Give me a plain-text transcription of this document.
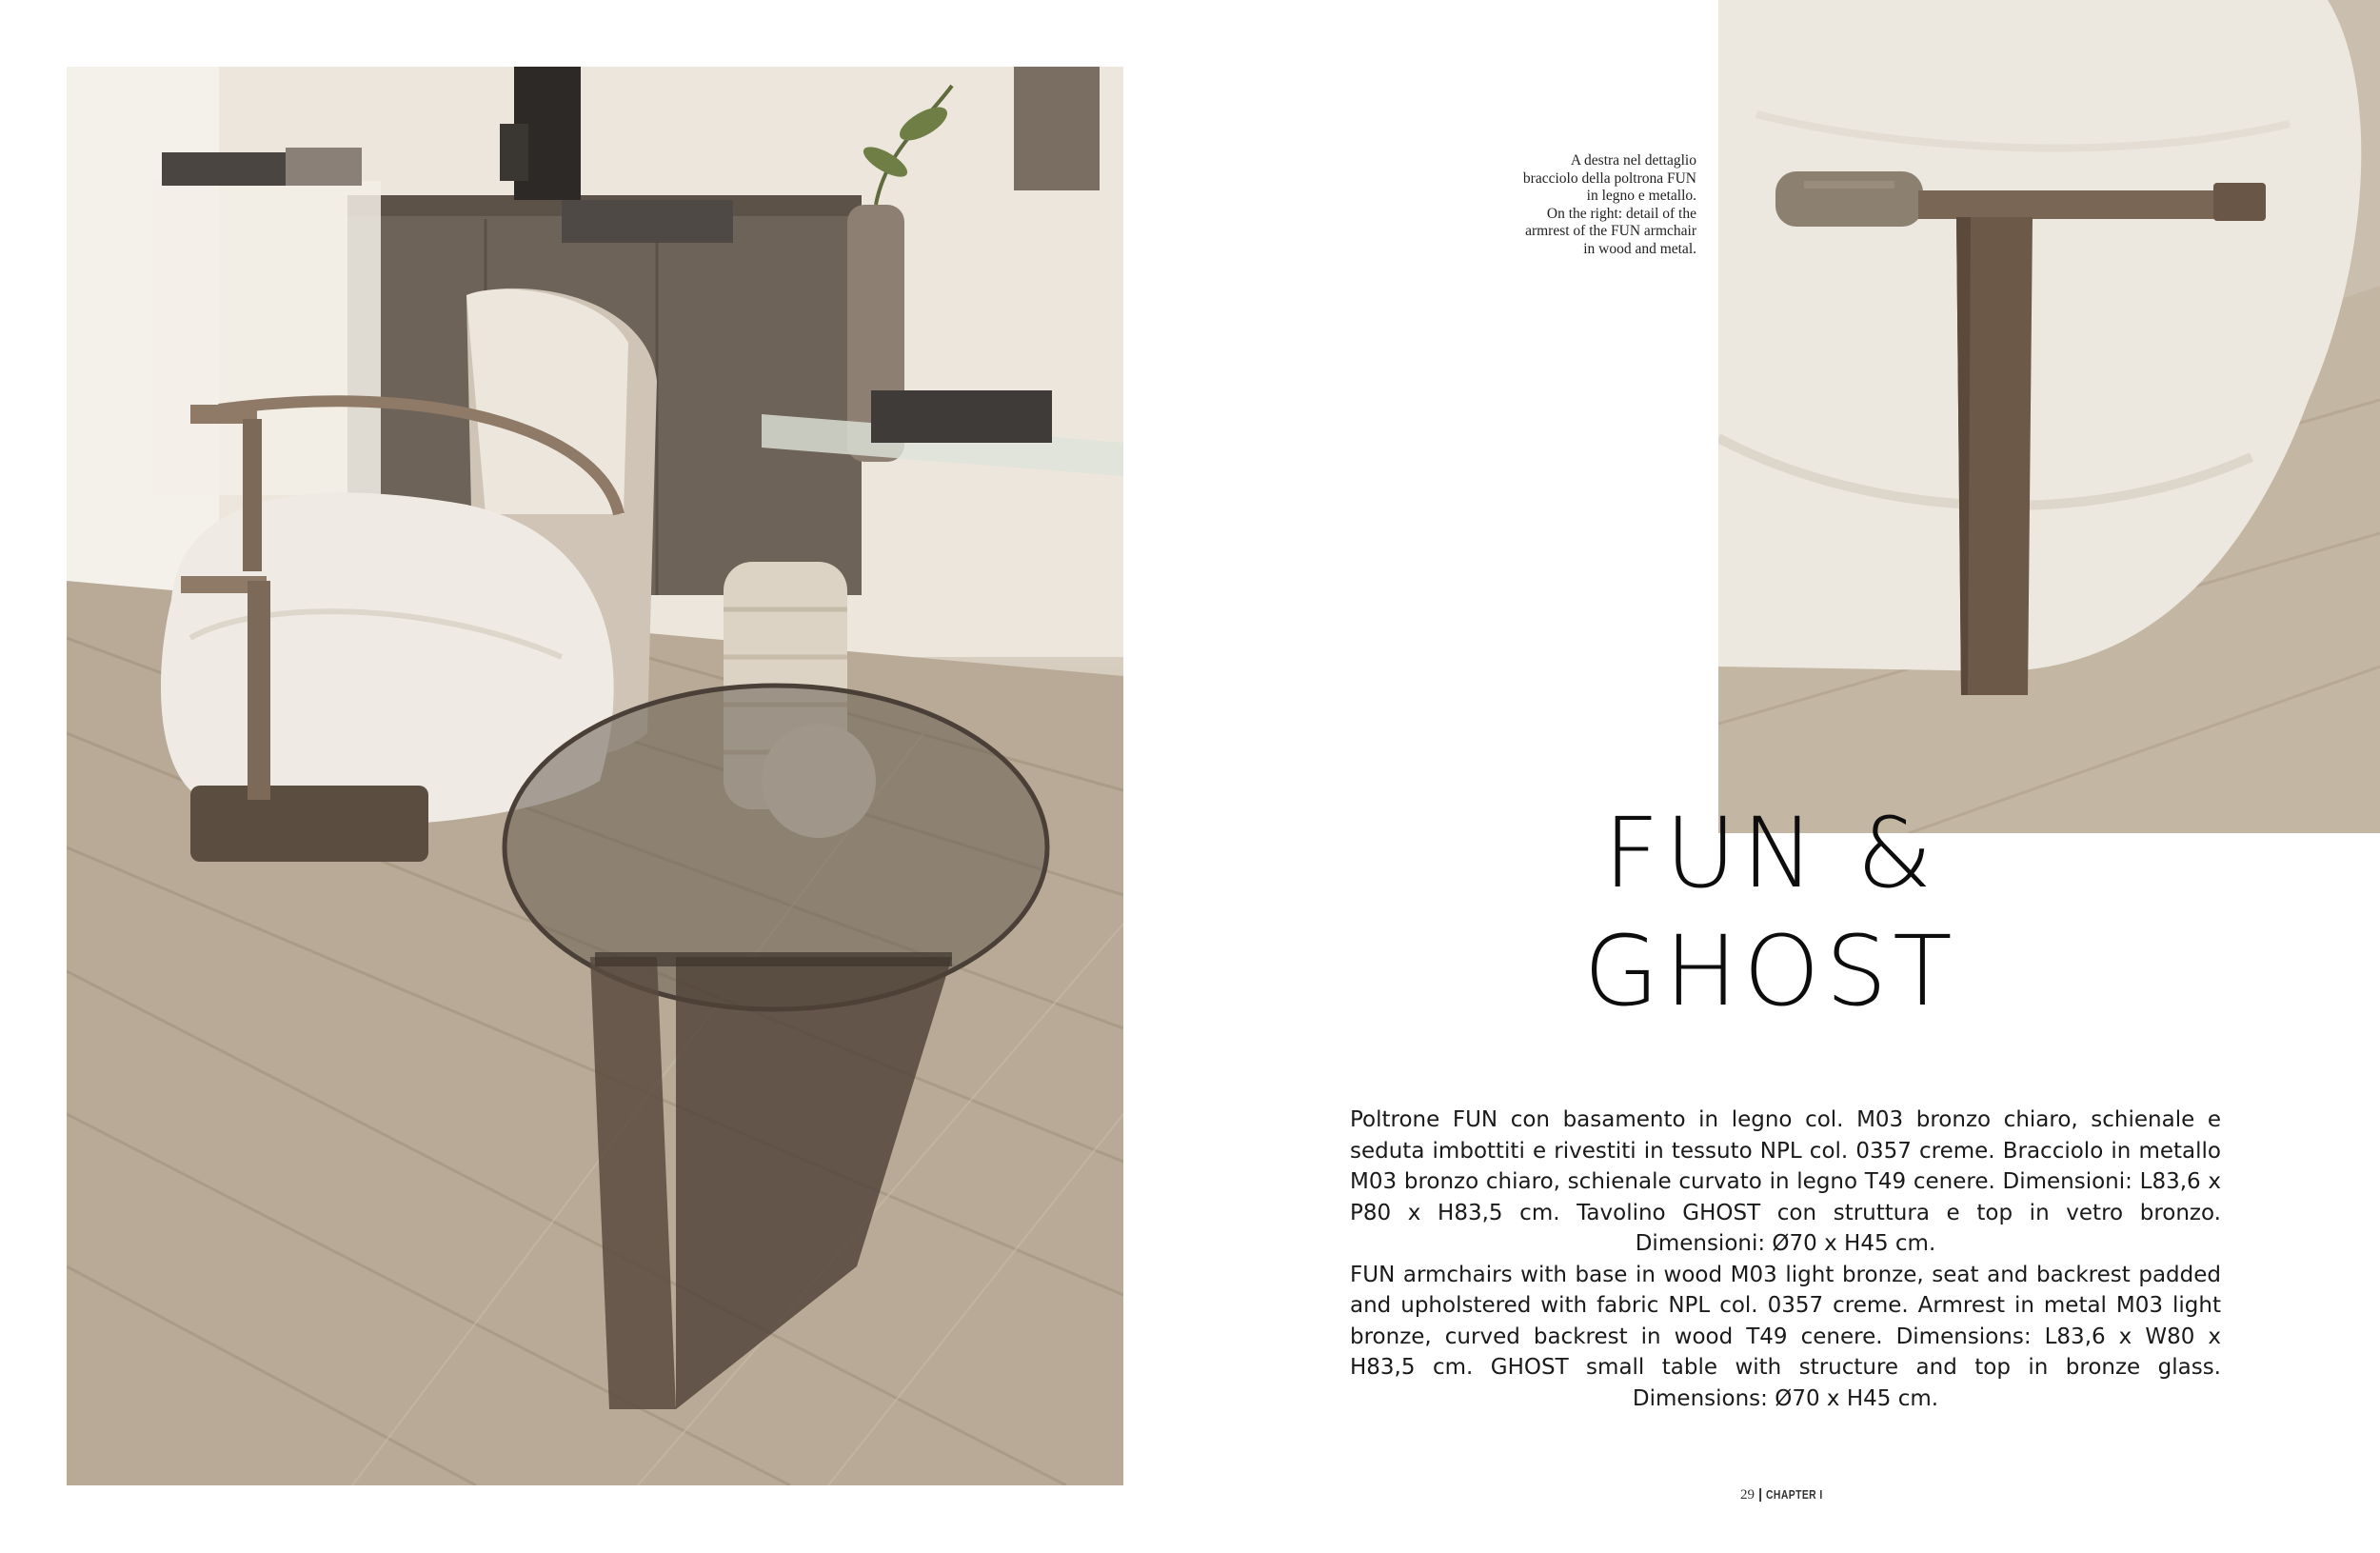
A destra nel dettaglio

bracciolo della poltrona FUN

in legno e metallo.

On the right: detail of the

armrest of the FUN armchair

in wood and metal.

FUN &
GHOST

Poltrone FUN con basamento in legno col. M03 bronzo chiaro, schienale e seduta imbottiti e rivestiti in tessuto NPL col. 0357 creme. Bracciolo in metallo M03 bronzo chiaro, schienale curvato in legno T49 cenere. Dimensioni: L83,6 x P80 x H83,5 cm. Tavolino GHOST con struttura e top in vetro bronzo. Dimensioni: Ø70 x H45 cm.

FUN armchairs with base in wood M03 light bronze, seat and backrest padded and upholstered with fabric NPL col. 0357 creme. Armrest in metal M03 light bronze, curved backrest in wood T49 cenere. Dimensions: L83,6 x W80 x H83,5 cm. GHOST small table with structure and top in bronze glass. Dimensions: Ø70 x H45 cm.

29 | CHAPTER I
